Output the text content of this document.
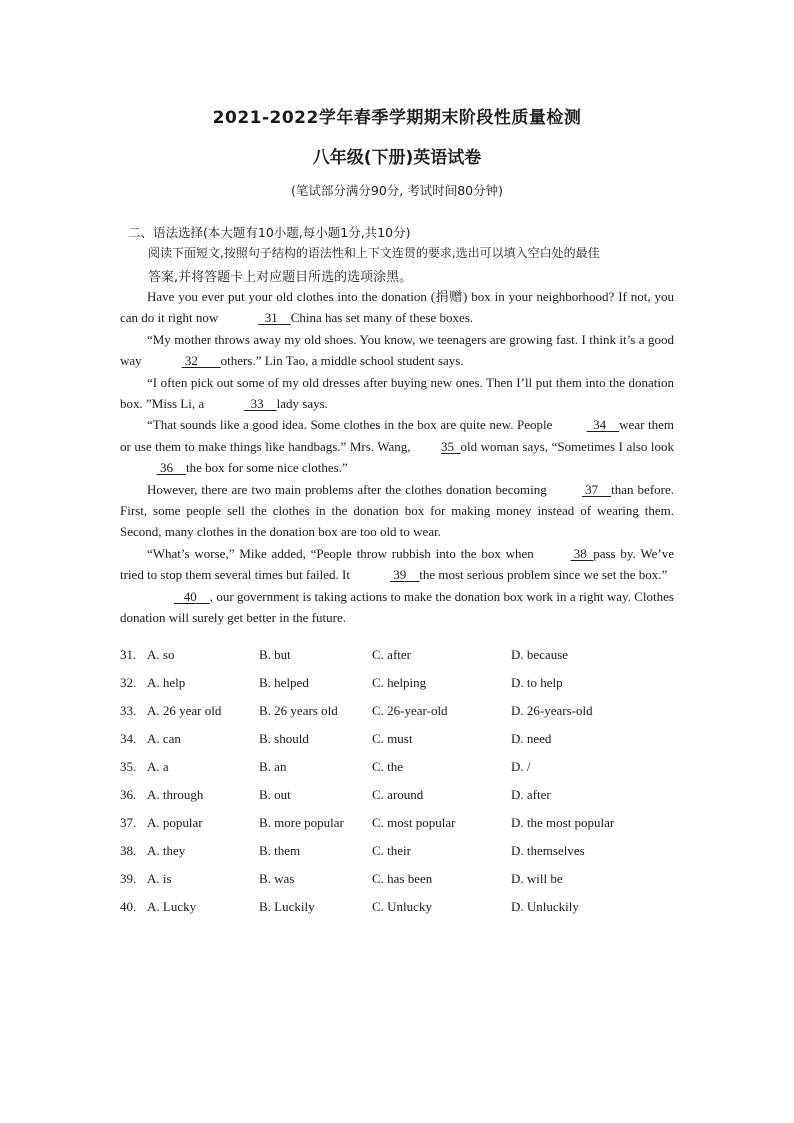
2021-2022学年春季学期期末阶段性质量检测
八年级(下册)英语试卷
(笔试部分满分90分, 考试时间80分钟)
二、语法选择(本大题有10小题,每小题1分,共10分)
阅读下面短文,按照句子结构的语法性和上下文连贯的要求,选出可以填入空白处的最佳
答案,并将答题卡上对应题目所选的选项涂黑。

Have you ever put your old clothes into the donation (捐赠) box in your neighborhood? If not, you can do it right now	31 China has set many of these boxes.

“My mother throws away my old shoes. You know, we teenagers are growing fast. I think it’s a good way	32 others.” Lin Tao, a middle school student says.

“I often pick out some of my old dresses after buying new ones. Then I’ll put them into the donation box. ”Miss Li, a	33 lady says.

“That sounds like a good idea. Some clothes in the box are quite new. People	34 wear them or use them to make things like handbags.” Mrs. Wang, 35 old woman says, “Sometimes I also look     36 the box for some nice clothes.”

However, there are two main problems after the clothes donation becoming	37 than before. First, some people sell the clothes in the donation box for making money instead of wearing them. Second, many clothes in the donation box are too old to wear.

“What’s worse,” Mike added, “People throw rubbish into the box when	38 pass by. We’ve tried to stop them several times but failed. It	39 the most serious problem since we set the box.”

40 , our government is taking actions to make the donation box work in a right way. Clothes donation will surely get better in the future.

31. A. so	B. but	C. after	D. because
32. A. help	B. helped	C. helping	D. to help
33. A. 26 year old	B. 26 years old	C. 26-year-old	D. 26-years-old
34. A. can	B. should	C. must	D. need
35. A. a	B. an	C. the	D. /
36. A. through	B. out	C. around	D. after
37. A. popular	B. more popular C. most popular	D. the most popular
38. A. they	B. them	C. their	D. themselves
39. A. is	B. was	C. has been	D. will be
40. A. Lucky	B. Luckily	C. Unlucky	D. Unluckily
